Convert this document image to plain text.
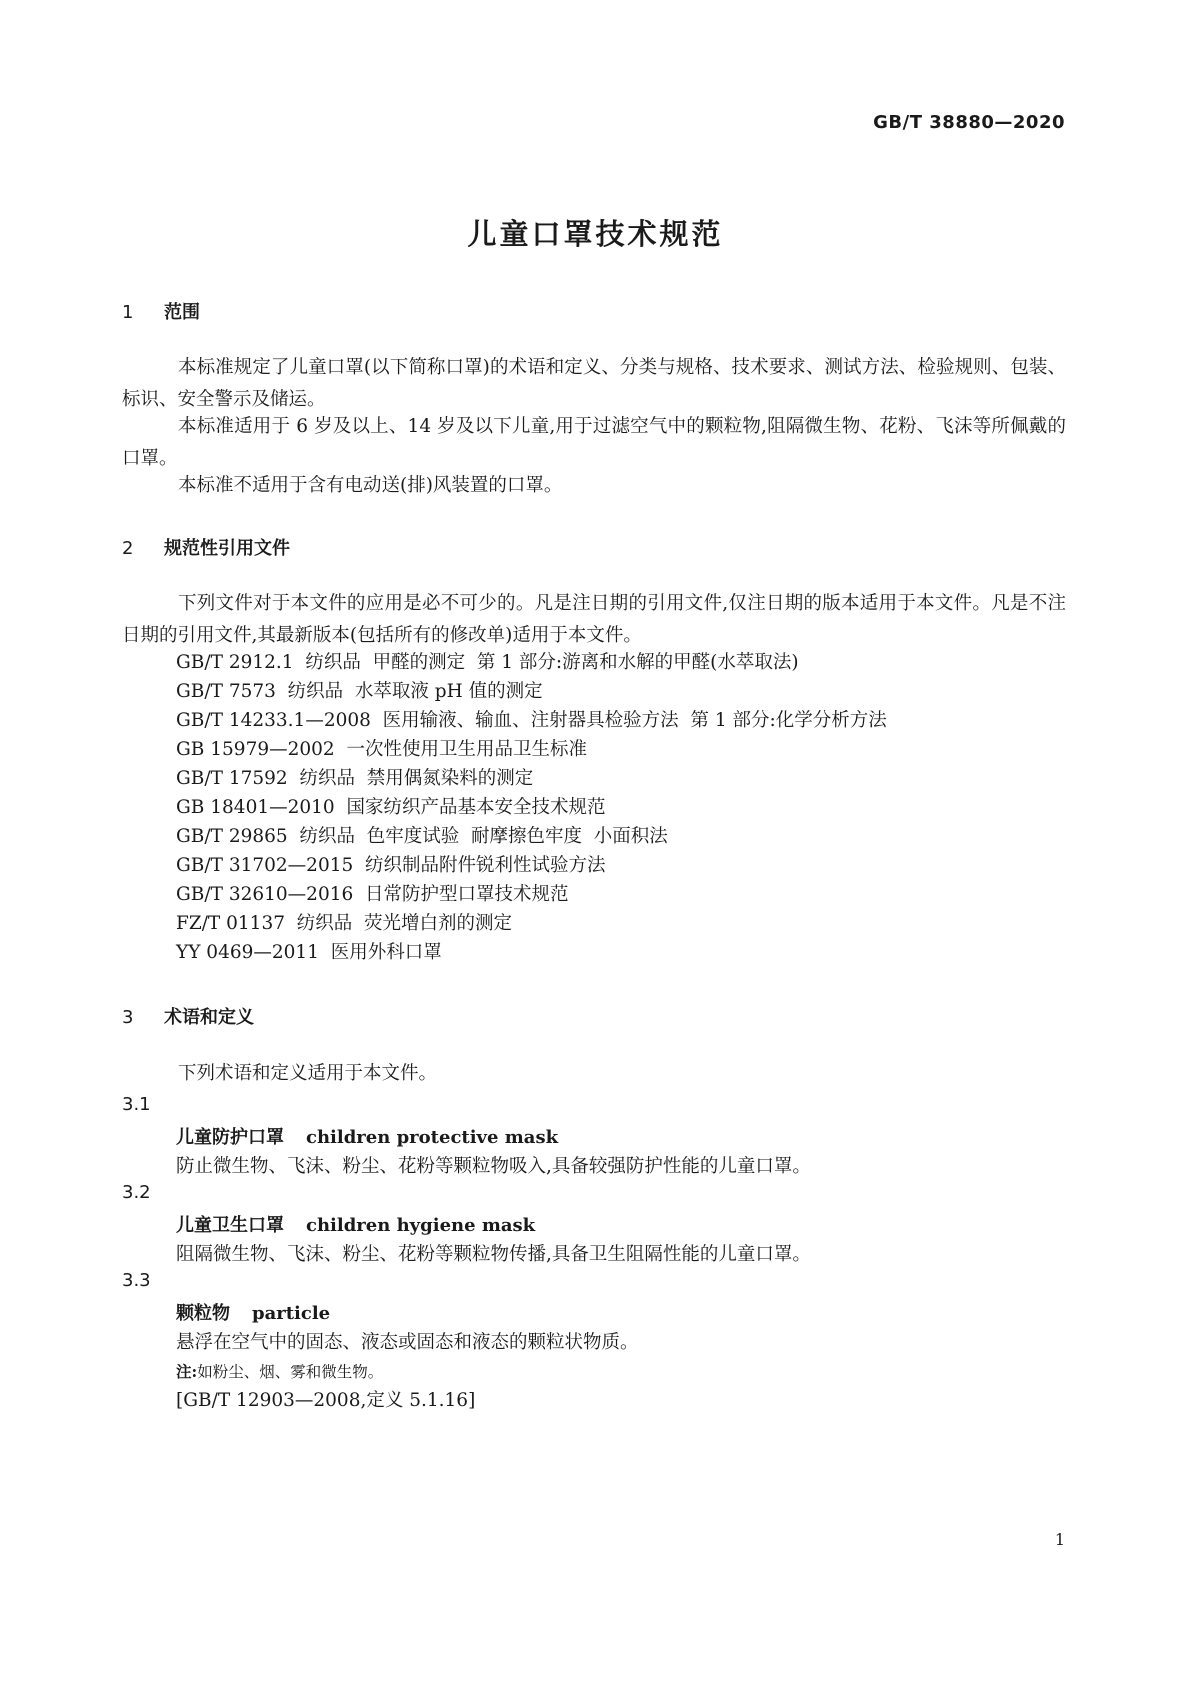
GB/T 38880—2020
儿童口罩技术规范
1 范围
本标准规定了儿童口罩(以下简称口罩)的术语和定义、分类与规格、技术要求、测试方法、检验规则、包装、标识、安全警示及储运。
本标准适用于 6 岁及以上、14 岁及以下儿童,用于过滤空气中的颗粒物,阻隔微生物、花粉、飞沫等所佩戴的口罩。
本标准不适用于含有电动送(排)风装置的口罩。
2 规范性引用文件
下列文件对于本文件的应用是必不可少的。凡是注日期的引用文件,仅注日期的版本适用于本文件。凡是不注日期的引用文件,其最新版本(包括所有的修改单)适用于本文件。
GB/T 2912.1  纺织品  甲醛的测定  第 1 部分:游离和水解的甲醛(水萃取法)
GB/T 7573  纺织品  水萃取液 pH 值的测定
GB/T 14233.1—2008  医用输液、输血、注射器具检验方法  第 1 部分:化学分析方法
GB 15979—2002  一次性使用卫生用品卫生标准
GB/T 17592  纺织品  禁用偶氮染料的测定
GB 18401—2010  国家纺织产品基本安全技术规范
GB/T 29865  纺织品  色牢度试验  耐摩擦色牢度  小面积法
GB/T 31702—2015  纺织制品附件锐利性试验方法
GB/T 32610—2016  日常防护型口罩技术规范
FZ/T 01137  纺织品  荧光增白剂的测定
YY 0469—2011  医用外科口罩
3 术语和定义
下列术语和定义适用于本文件。
3.1
儿童防护口罩 children protective mask
防止微生物、飞沫、粉尘、花粉等颗粒物吸入,具备较强防护性能的儿童口罩。
3.2
儿童卫生口罩 children hygiene mask
阻隔微生物、飞沫、粉尘、花粉等颗粒物传播,具备卫生阻隔性能的儿童口罩。
3.3
颗粒物 particle
悬浮在空气中的固态、液态或固态和液态的颗粒状物质。
注:如粉尘、烟、雾和微生物。
[GB/T 12903—2008,定义 5.1.16]
1
